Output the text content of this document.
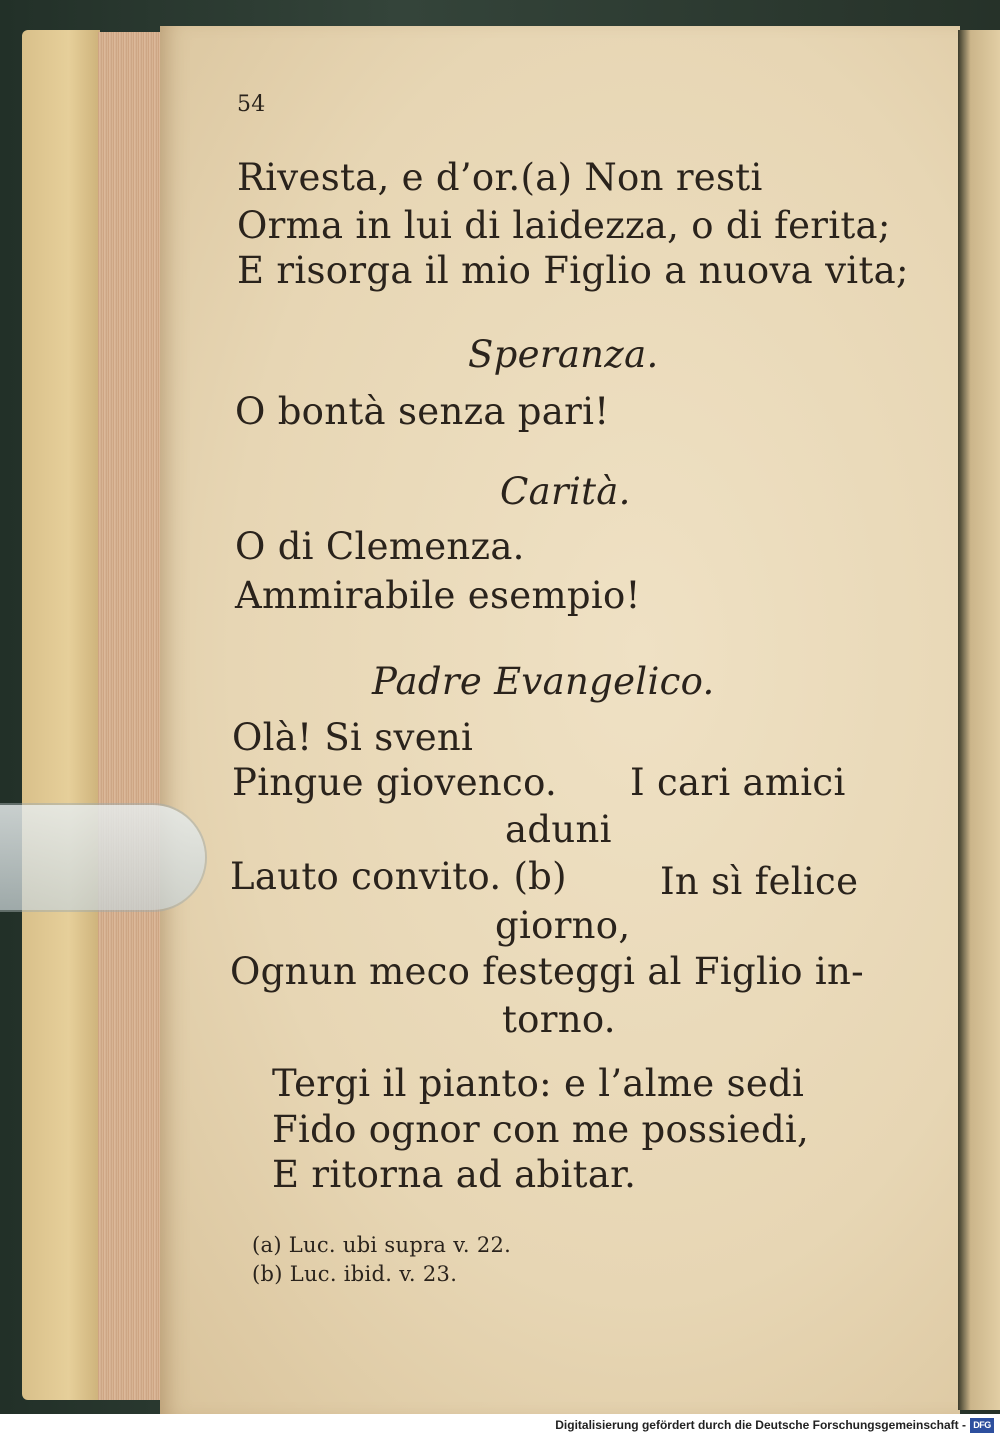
54
Rivesta, e d’or.(a) Non resti
Orma in lui di laidezza, o di ferita;
E risorga il mio Figlio a nuova vita;
Speranza.
O bontà senza pari!
Carità.
O di Clemenza.
Ammirabile esempio!
Padre Evangelico.
Olà! Si sveni
Pingue giovenco. I cari amici
aduni
Lauto convito. (b)	In sì felice
giorno,
Ognun meco festeggi al Figlio in-
torno.
Tergi il pianto: e l’alme sedi
Fido ognor con me possiedi,
E ritorna ad abitar.
(a) Luc. ubi supra v. 22.
(b) Luc. ibid. v. 23.
Digitalisierung gefördert durch die Deutsche Forschungsgemeinschaft - DFG
